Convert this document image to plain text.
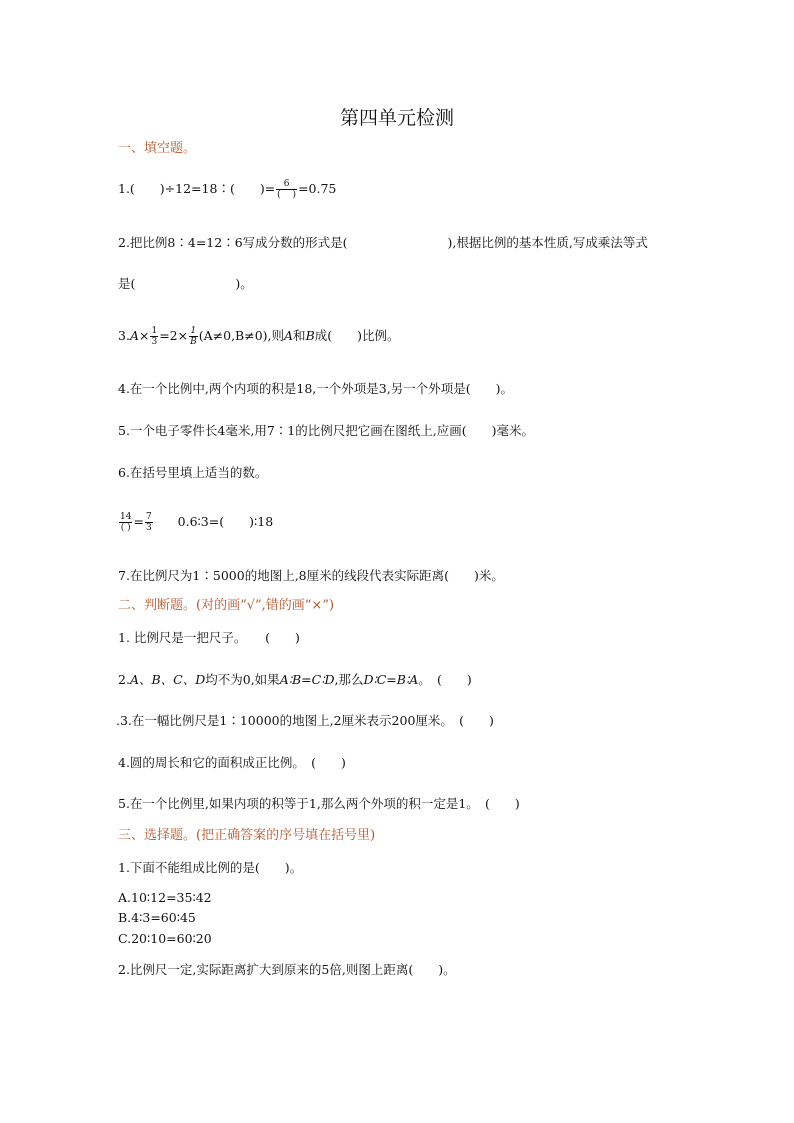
第四单元检测
一、填空题。
1.(　　)÷12=18∶(　　)= $\frac{6}{( )} =0.75$
2.把比例8∶4=12∶6写成分数的形式是(　　　　　　　　),根据比例的基本性质,写成乘法等式
是(　　　　　　　　)。
$3.A\times \frac{1}{3} =2\times \frac{1}{B} (A\ne 0,B\ne 0)$,则A和B成(　　)比例。
4.在一个比例中,两个内项的积是18,一个外项是3,另一个外项是(　　)。
5.一个电子零件长4毫米,用7∶1的比例尺把它画在图纸上,应画(　　)毫米。
6.在括号里填上适当的数。
$\frac{14}{( )} = \frac{7}{3}$ 0.6∶3=(　　)∶18
7.在比例尺为1∶5000的地图上,8厘米的线段代表实际距离(　　)米。
二、判断题。(对的画“√”,错的画“×”)
1. 比例尺是一把尺子。　　(　　)
2.A、B、C、D均不为0,如果A∶B=C∶D,那么D∶C=B∶A。　(　　)
.3.在一幅比例尺是1∶10000的地图上,2厘米表示200厘米。　(　　)
4.圆的周长和它的面积成正比例。　(　　)
5.在一个比例里,如果内项的积等于1,那么两个外项的积一定是1。　(　　)
三、选择题。(把正确答案的序号填在括号里)
1.下面不能组成比例的是(　　)。
A.10∶12=35∶42
B.4∶3=60∶45
C.20∶10=60∶20
2.比例尺一定,实际距离扩大到原来的5倍,则图上距离(　　)。
